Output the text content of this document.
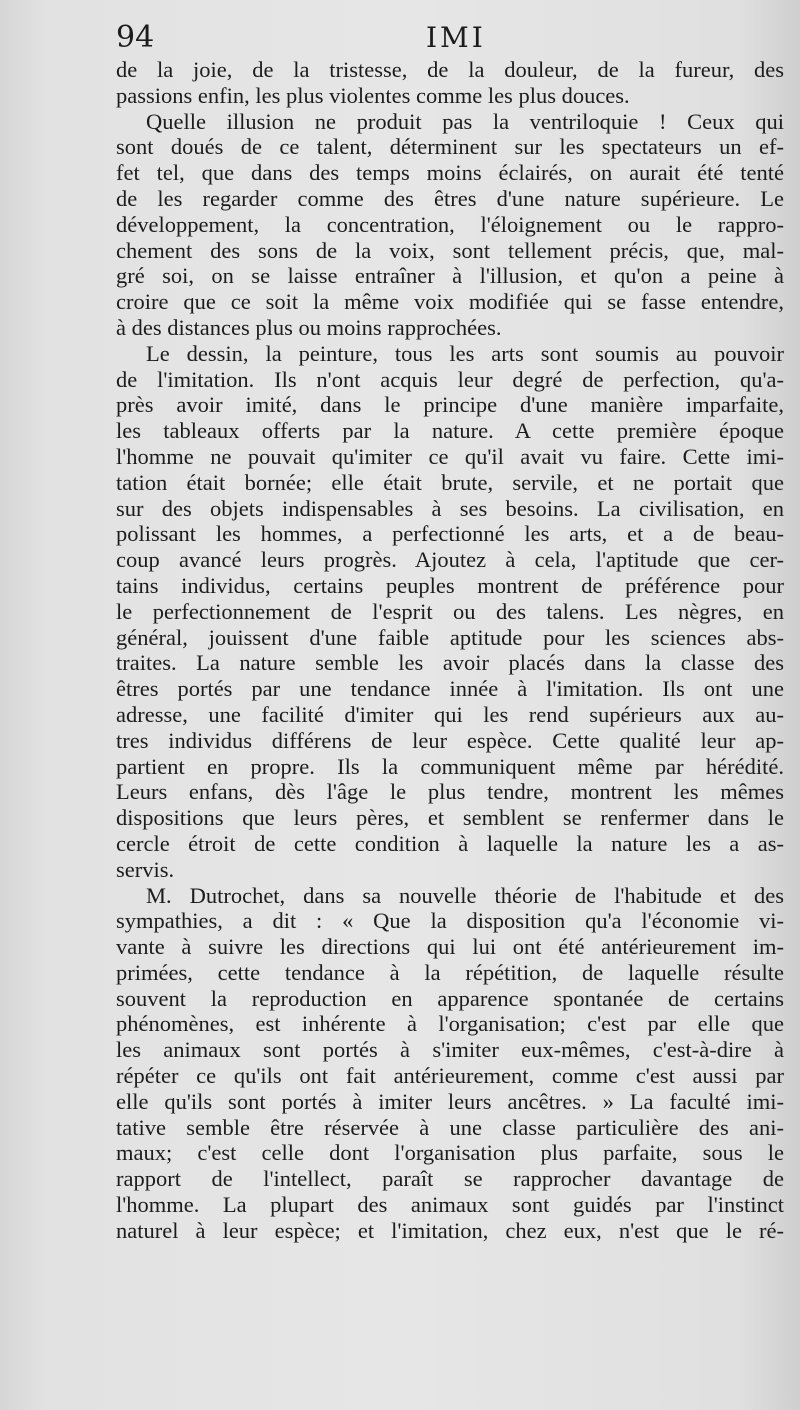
94	IMI
de la joie, de la tristesse, de la douleur, de la fureur, des
passions enfin, les plus violentes comme les plus douces.
Quelle illusion ne produit pas la ventriloquie ! Ceux qui
sont doués de ce talent, déterminent sur les spectateurs un ef-
fet tel, que dans des temps moins éclairés, on aurait été tenté
de les regarder comme des êtres d'une nature supérieure. Le
développement, la concentration, l'éloignement ou le rappro-
chement des sons de la voix, sont tellement précis, que, mal-
gré soi, on se laisse entraîner à l'illusion, et qu'on a peine à
croire que ce soit la même voix modifiée qui se fasse entendre,
à des distances plus ou moins rapprochées.
Le dessin, la peinture, tous les arts sont soumis au pouvoir
de l'imitation. Ils n'ont acquis leur degré de perfection, qu'a-
près avoir imité, dans le principe d'une manière imparfaite,
les tableaux offerts par la nature. A cette première époque
l'homme ne pouvait qu'imiter ce qu'il avait vu faire. Cette imi-
tation était bornée; elle était brute, servile, et ne portait que
sur des objets indispensables à ses besoins. La civilisation, en
polissant les hommes, a perfectionné les arts, et a de beau-
coup avancé leurs progrès. Ajoutez à cela, l'aptitude que cer-
tains individus, certains peuples montrent de préférence pour
le perfectionnement de l'esprit ou des talens. Les nègres, en
général, jouissent d'une faible aptitude pour les sciences abs-
traites. La nature semble les avoir placés dans la classe des
êtres portés par une tendance innée à l'imitation. Ils ont une
adresse, une facilité d'imiter qui les rend supérieurs aux au-
tres individus différens de leur espèce. Cette qualité leur ap-
partient en propre. Ils la communiquent même par hérédité.
Leurs enfans, dès l'âge le plus tendre, montrent les mêmes
dispositions que leurs pères, et semblent se renfermer dans le
cercle étroit de cette condition à laquelle la nature les a as-
servis.
M. Dutrochet, dans sa nouvelle théorie de l'habitude et des
sympathies, a dit : « Que la disposition qu'a l'économie vi-
vante à suivre les directions qui lui ont été antérieurement im-
primées, cette tendance à la répétition, de laquelle résulte
souvent la reproduction en apparence spontanée de certains
phénomènes, est inhérente à l'organisation; c'est par elle que
les animaux sont portés à s'imiter eux-mêmes, c'est-à-dire à
répéter ce qu'ils ont fait antérieurement, comme c'est aussi par
elle qu'ils sont portés à imiter leurs ancêtres. » La faculté imi-
tative semble être réservée à une classe particulière des ani-
maux; c'est celle dont l'organisation plus parfaite, sous le
rapport de l'intellect, paraît se rapprocher davantage de
l'homme. La plupart des animaux sont guidés par l'instinct
naturel à leur espèce; et l'imitation, chez eux, n'est que le ré-
